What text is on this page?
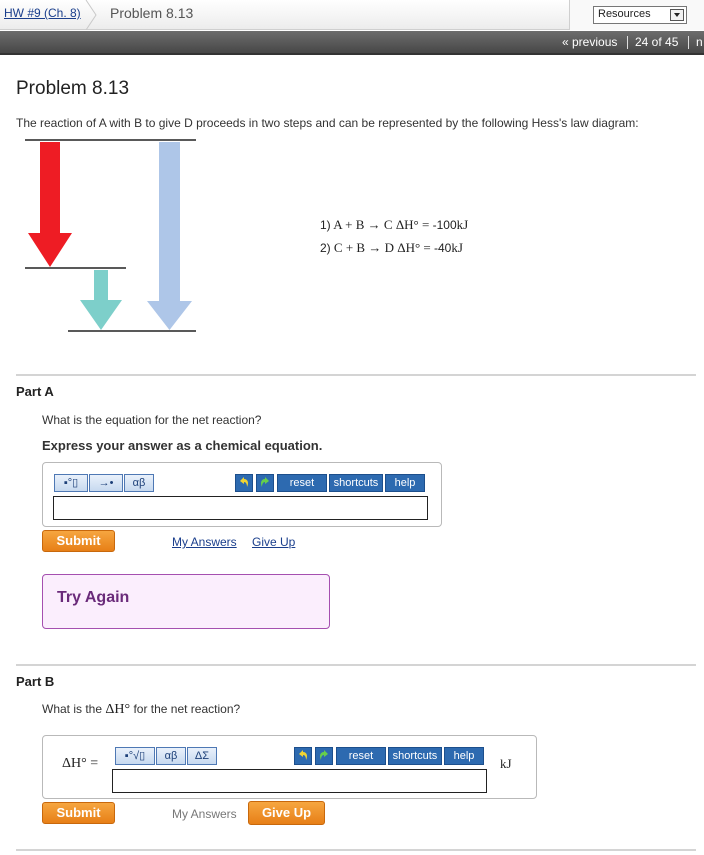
HW #9 (Ch. 8)	Problem 8.13	Resources
« previous 24 of 45 n
Problem 8.13
The reaction of A with B to give D proceeds in two steps and can be represented by the following Hess's law diagram:
1) A + B → C ΔH° = -100kJ
2) C + B → D ΔH° = -40kJ
Part A
What is the equation for the net reaction?
Express your answer as a chemical equation.
▪°▯	→•	αβ	reset	shortcuts	help
Submit	My Answers Give Up
Try Again
Part B
What is the ΔH° for the net reaction?
ΔH° =	▪°√▯	αβ	ΔΣ	reset	shortcuts	help	kJ
Submit	My Answers	Give Up
